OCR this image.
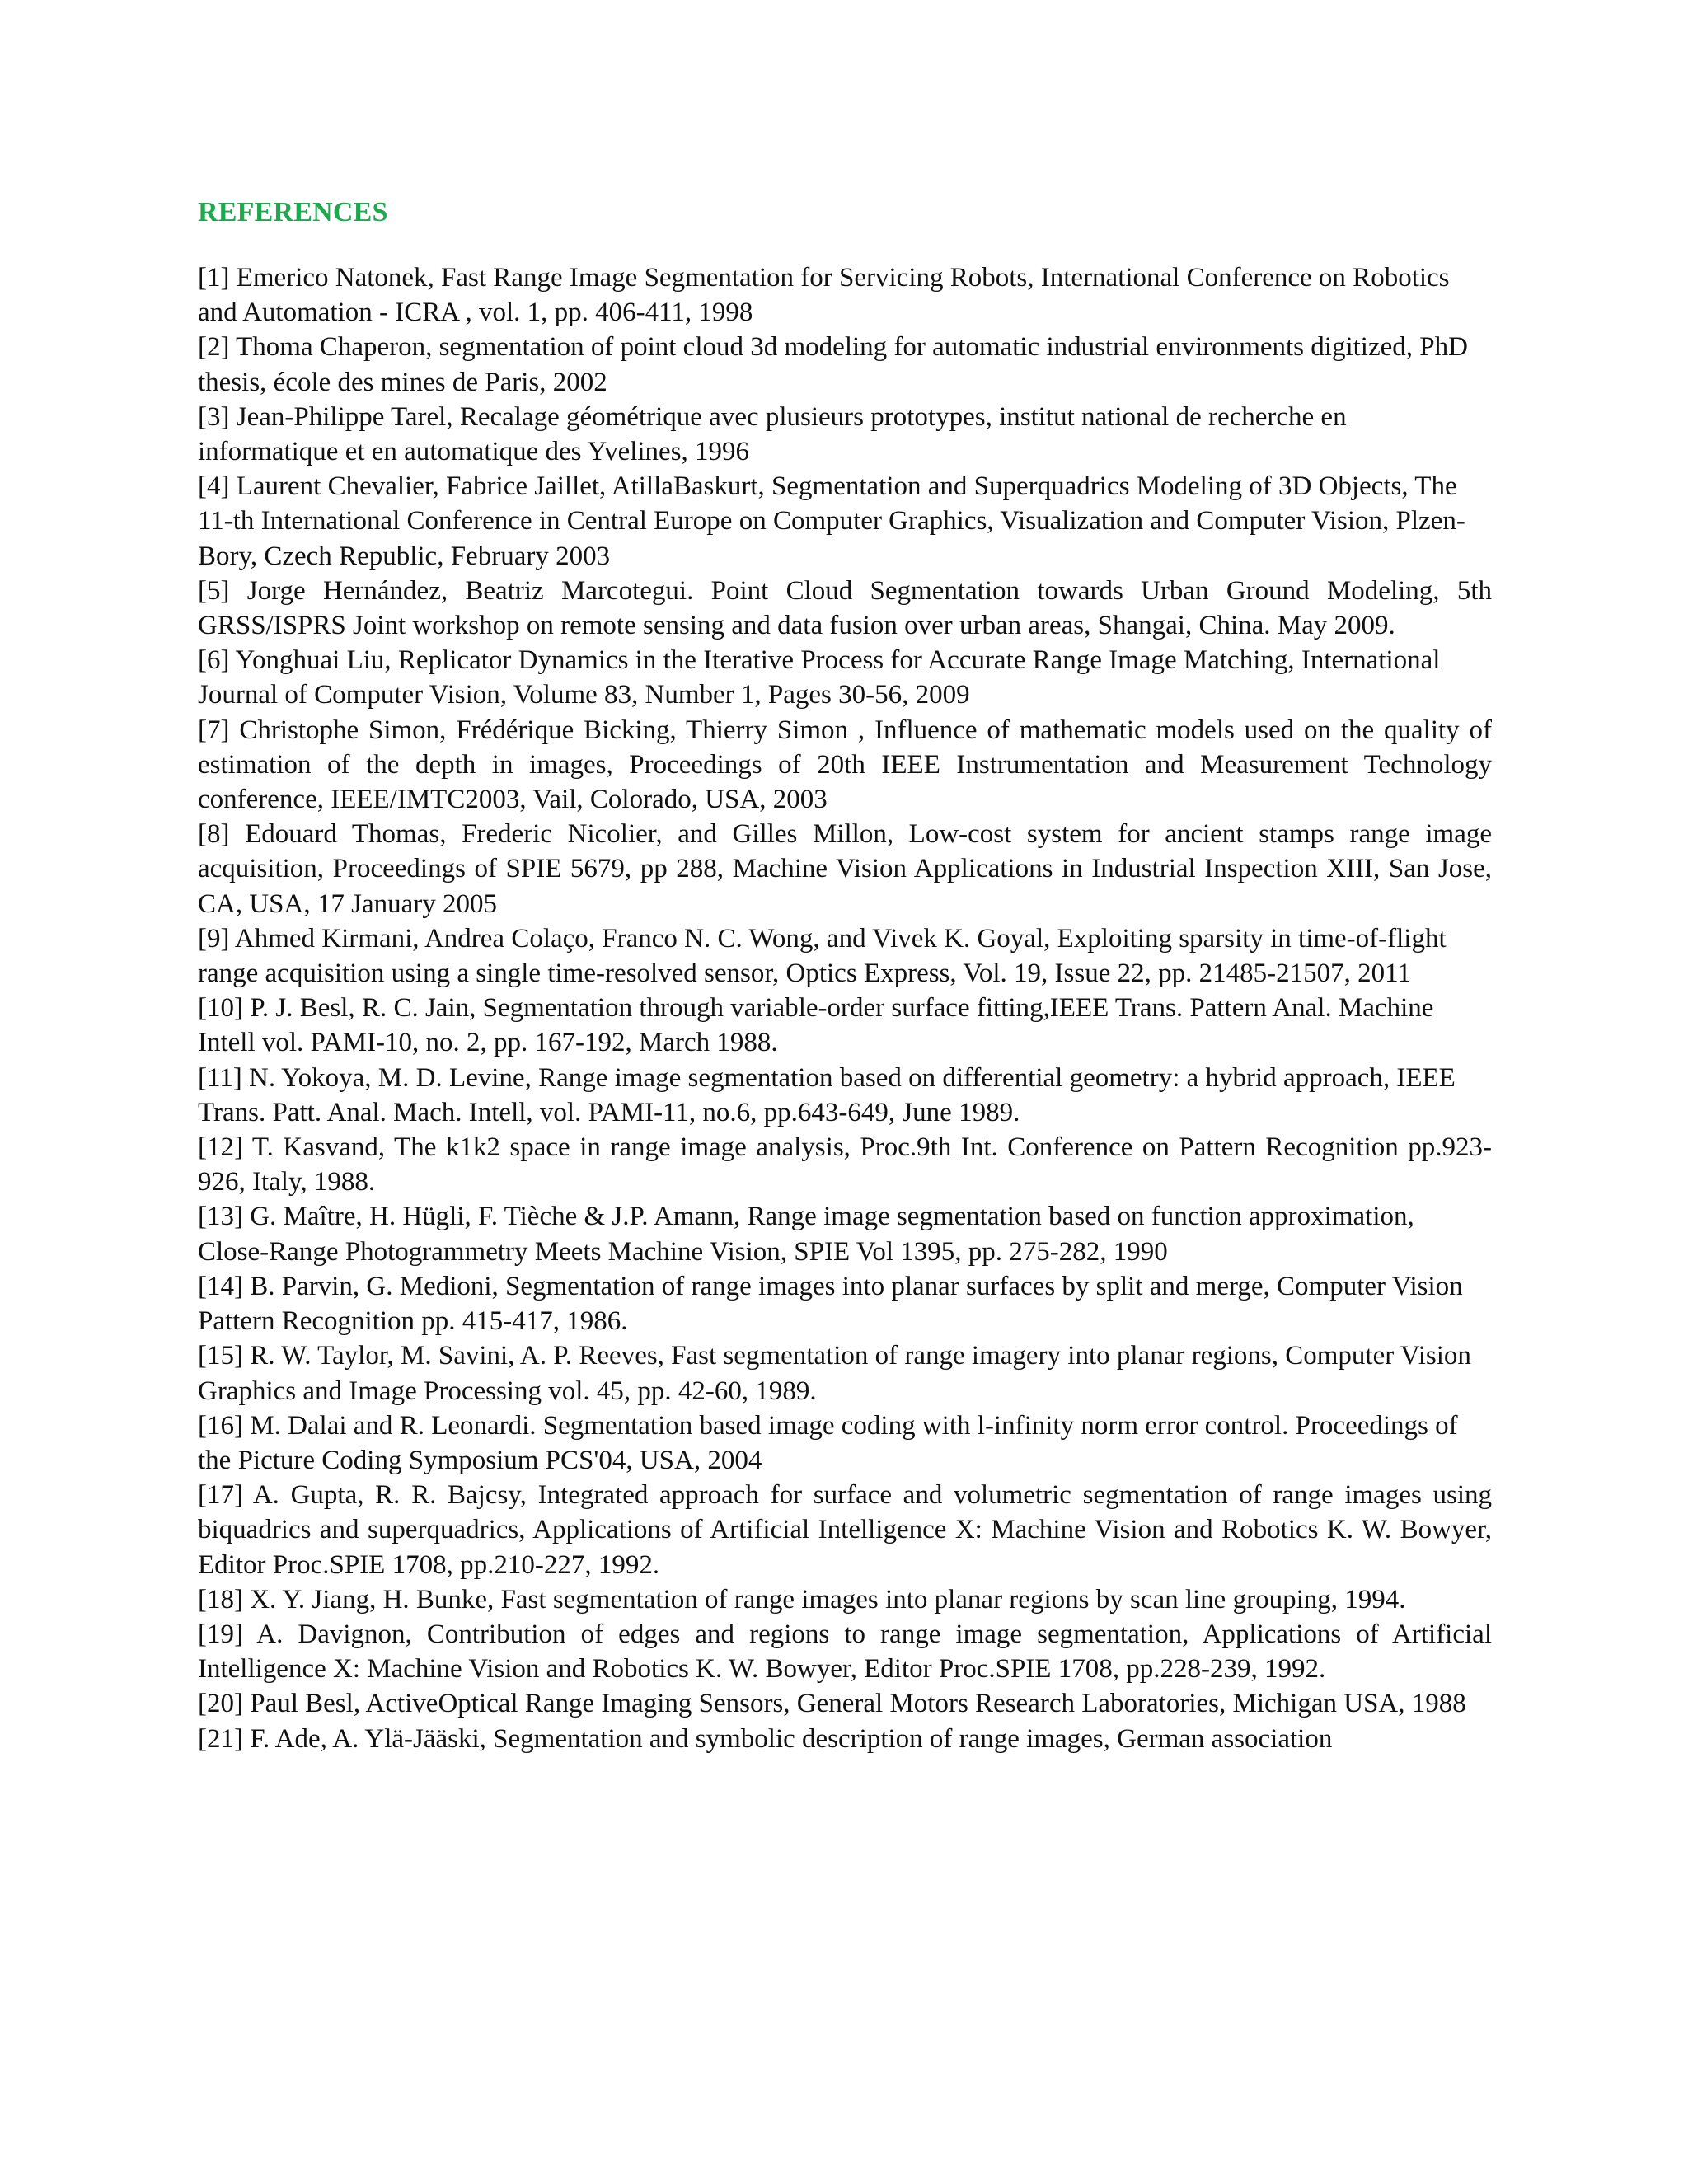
REFERENCES

[1] Emerico Natonek, Fast Range Image Segmentation for Servicing Robots, International Conference on Robotics and Automation - ICRA , vol. 1, pp. 406-411, 1998

[2] Thoma Chaperon, segmentation of point cloud 3d modeling for automatic industrial environments digitized, PhD thesis, école des mines de Paris, 2002

[3] Jean-Philippe Tarel, Recalage géométrique avec plusieurs prototypes, institut national de recherche en informatique et en automatique des Yvelines, 1996

[4] Laurent Chevalier, Fabrice Jaillet, AtillaBaskurt, Segmentation and Superquadrics Modeling of 3D Objects, The 11-th International Conference in Central Europe on Computer Graphics, Visualization and Computer Vision, Plzen-Bory, Czech Republic, February 2003

[5] Jorge Hernández, Beatriz Marcotegui. Point Cloud Segmentation towards Urban Ground Modeling, 5th GRSS/ISPRS Joint workshop on remote sensing and data fusion over urban areas, Shangai, China. May 2009.

[6] Yonghuai Liu, Replicator Dynamics in the Iterative Process for Accurate Range Image Matching, International Journal of Computer Vision, Volume 83, Number 1, Pages 30-56, 2009

[7] Christophe Simon, Frédérique Bicking, Thierry Simon , Influence of mathematic models used on the quality of estimation of the depth in images, Proceedings of 20th IEEE Instrumentation and Measurement Technology conference, IEEE/IMTC2003, Vail, Colorado, USA, 2003

[8] Edouard Thomas, Frederic Nicolier, and Gilles Millon, Low-cost system for ancient stamps range image acquisition, Proceedings of SPIE 5679, pp 288, Machine Vision Applications in Industrial Inspection XIII, San Jose, CA, USA, 17 January 2005

[9] Ahmed Kirmani, Andrea Colaço, Franco N. C. Wong, and Vivek K. Goyal, Exploiting sparsity in time-of-flight range acquisition using a single time-resolved sensor, Optics Express, Vol. 19, Issue 22, pp. 21485-21507, 2011

[10] P. J. Besl, R. C. Jain, Segmentation through variable-order surface fitting,IEEE Trans. Pattern Anal. Machine Intell vol. PAMI-10, no. 2, pp. 167-192, March 1988.

[11] N. Yokoya, M. D. Levine, Range image segmentation based on differential geometry: a hybrid approach, IEEE Trans. Patt. Anal. Mach. Intell, vol. PAMI-11, no.6, pp.643-649, June 1989.

[12] T. Kasvand, The k1k2 space in range image analysis, Proc.9th Int. Conference on Pattern Recognition pp.923-926, Italy, 1988.

[13] G. Maître, H. Hügli, F. Tièche & J.P. Amann, Range image segmentation based on function approximation, Close-Range Photogrammetry Meets Machine Vision, SPIE Vol 1395, pp. 275-282, 1990

[14] B. Parvin, G. Medioni, Segmentation of range images into planar surfaces by split and merge, Computer Vision Pattern Recognition pp. 415-417, 1986.

[15] R. W. Taylor, M. Savini, A. P. Reeves, Fast segmentation of range imagery into planar regions, Computer Vision Graphics and Image Processing vol. 45, pp. 42-60, 1989.

[16] M. Dalai and R. Leonardi. Segmentation based image coding with l-infinity norm error control. Proceedings of the Picture Coding Symposium PCS'04, USA, 2004

[17] A. Gupta, R. R. Bajcsy, Integrated approach for surface and volumetric segmentation of range images using biquadrics and superquadrics, Applications of Artificial Intelligence X: Machine Vision and Robotics K. W. Bowyer, Editor Proc.SPIE 1708, pp.210-227, 1992.

[18] X. Y. Jiang, H. Bunke, Fast segmentation of range images into planar regions by scan line grouping, 1994.

[19] A. Davignon, Contribution of edges and regions to range image segmentation, Applications of Artificial Intelligence X: Machine Vision and Robotics K. W. Bowyer, Editor Proc.SPIE 1708, pp.228-239, 1992.

[20] Paul Besl, ActiveOptical Range Imaging Sensors, General Motors Research Laboratories, Michigan USA, 1988

[21] F. Ade, A. Ylä-Jääski, Segmentation and symbolic description of range images, German association
